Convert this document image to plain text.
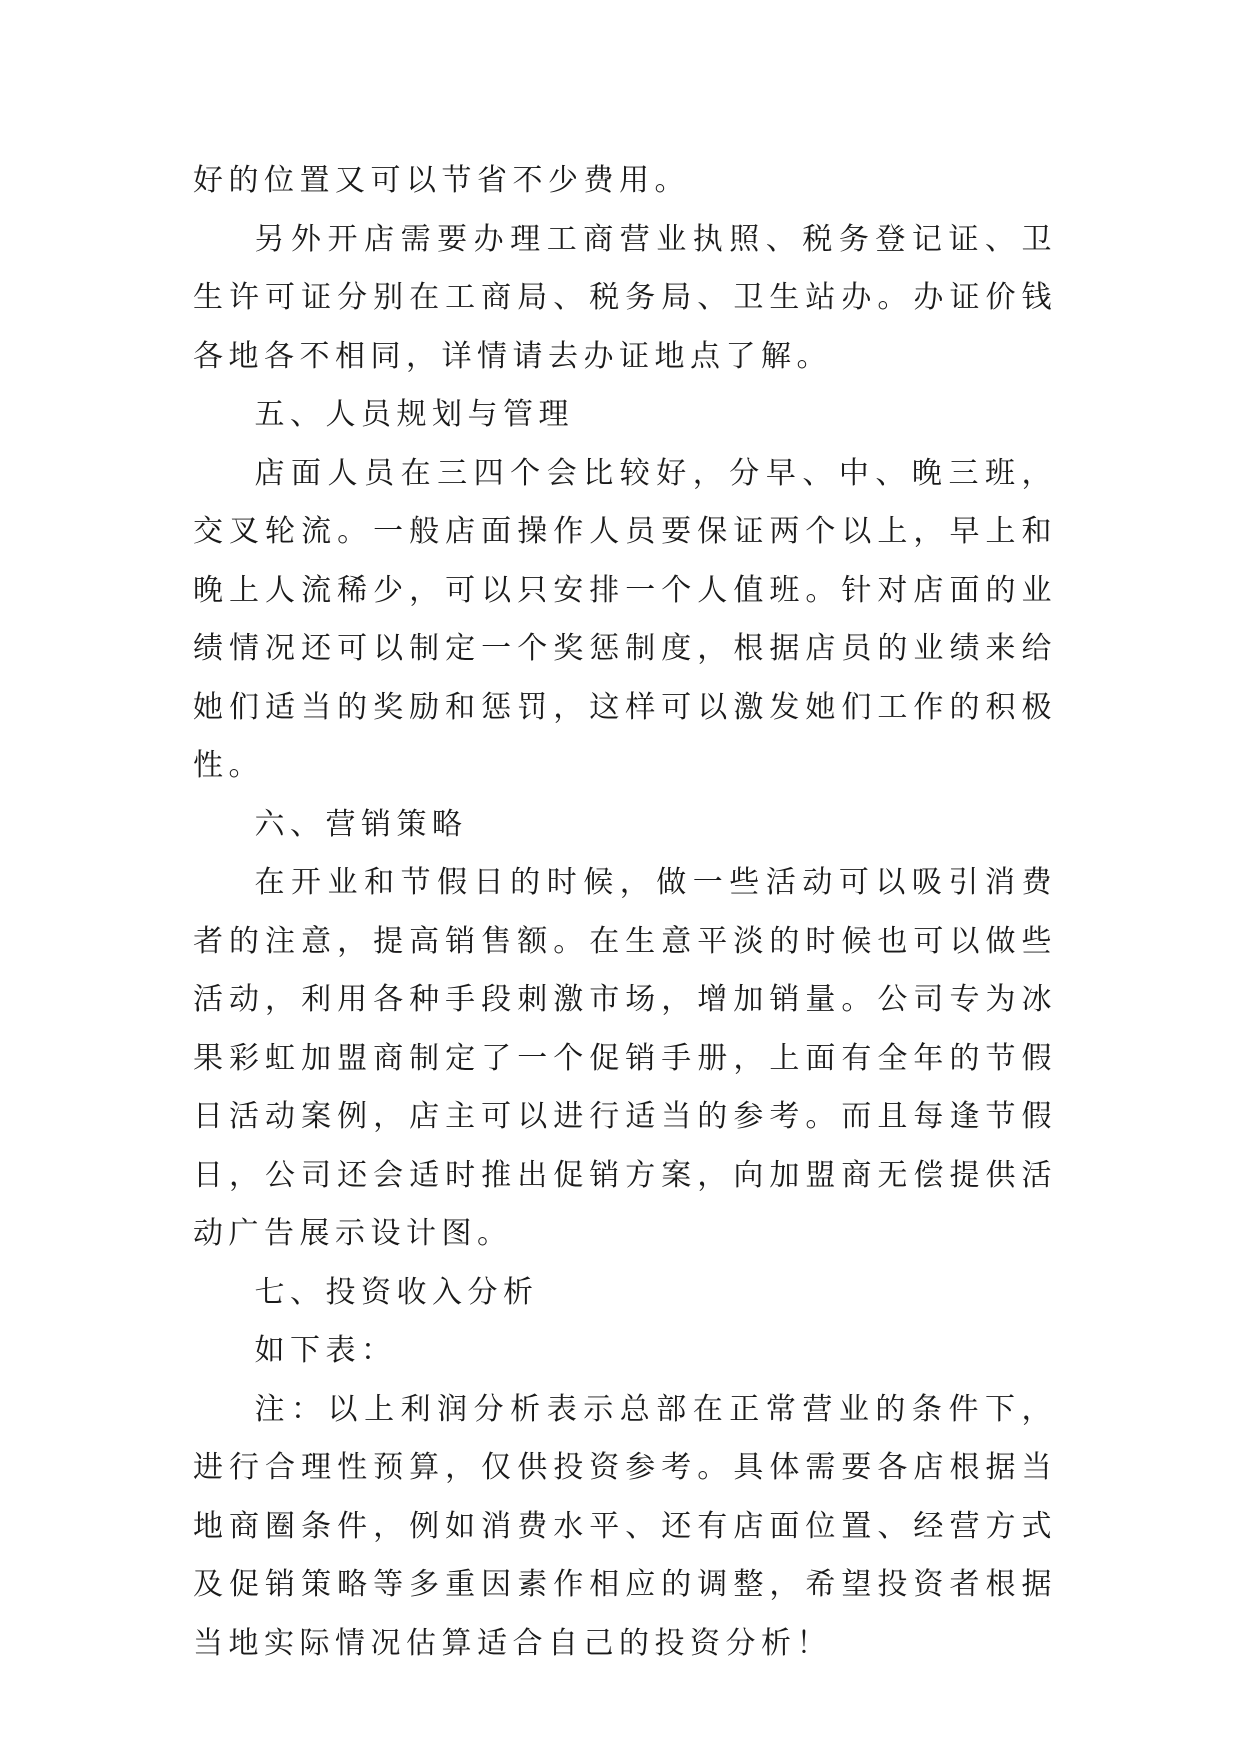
好的位置又可以节省不少费用。

另外开店需要办理工商营业执照、税务登记证、卫生许可证分别在工商局、税务局、卫生站办。办证价钱各地各不相同，详情请去办证地点了解。

五、人员规划与管理

店面人员在三四个会比较好，分早、中、晚三班，交叉轮流。一般店面操作人员要保证两个以上，早上和晚上人流稀少，可以只安排一个人值班。针对店面的业绩情况还可以制定一个奖惩制度，根据店员的业绩来给她们适当的奖励和惩罚，这样可以激发她们工作的积极性。

六、营销策略

在开业和节假日的时候，做一些活动可以吸引消费者的注意，提高销售额。在生意平淡的时候也可以做些活动，利用各种手段刺激市场，增加销量。公司专为冰果彩虹加盟商制定了一个促销手册，上面有全年的节假日活动案例，店主可以进行适当的参考。而且每逢节假日，公司还会适时推出促销方案，向加盟商无偿提供活动广告展示设计图。

七、投资收入分析

如下表：

注：以上利润分析表示总部在正常营业的条件下，进行合理性预算，仅供投资参考。具体需要各店根据当地商圈条件，例如消费水平、还有店面位置、经营方式及促销策略等多重因素作相应的调整，希望投资者根据当地实际情况估算适合自己的投资分析！
